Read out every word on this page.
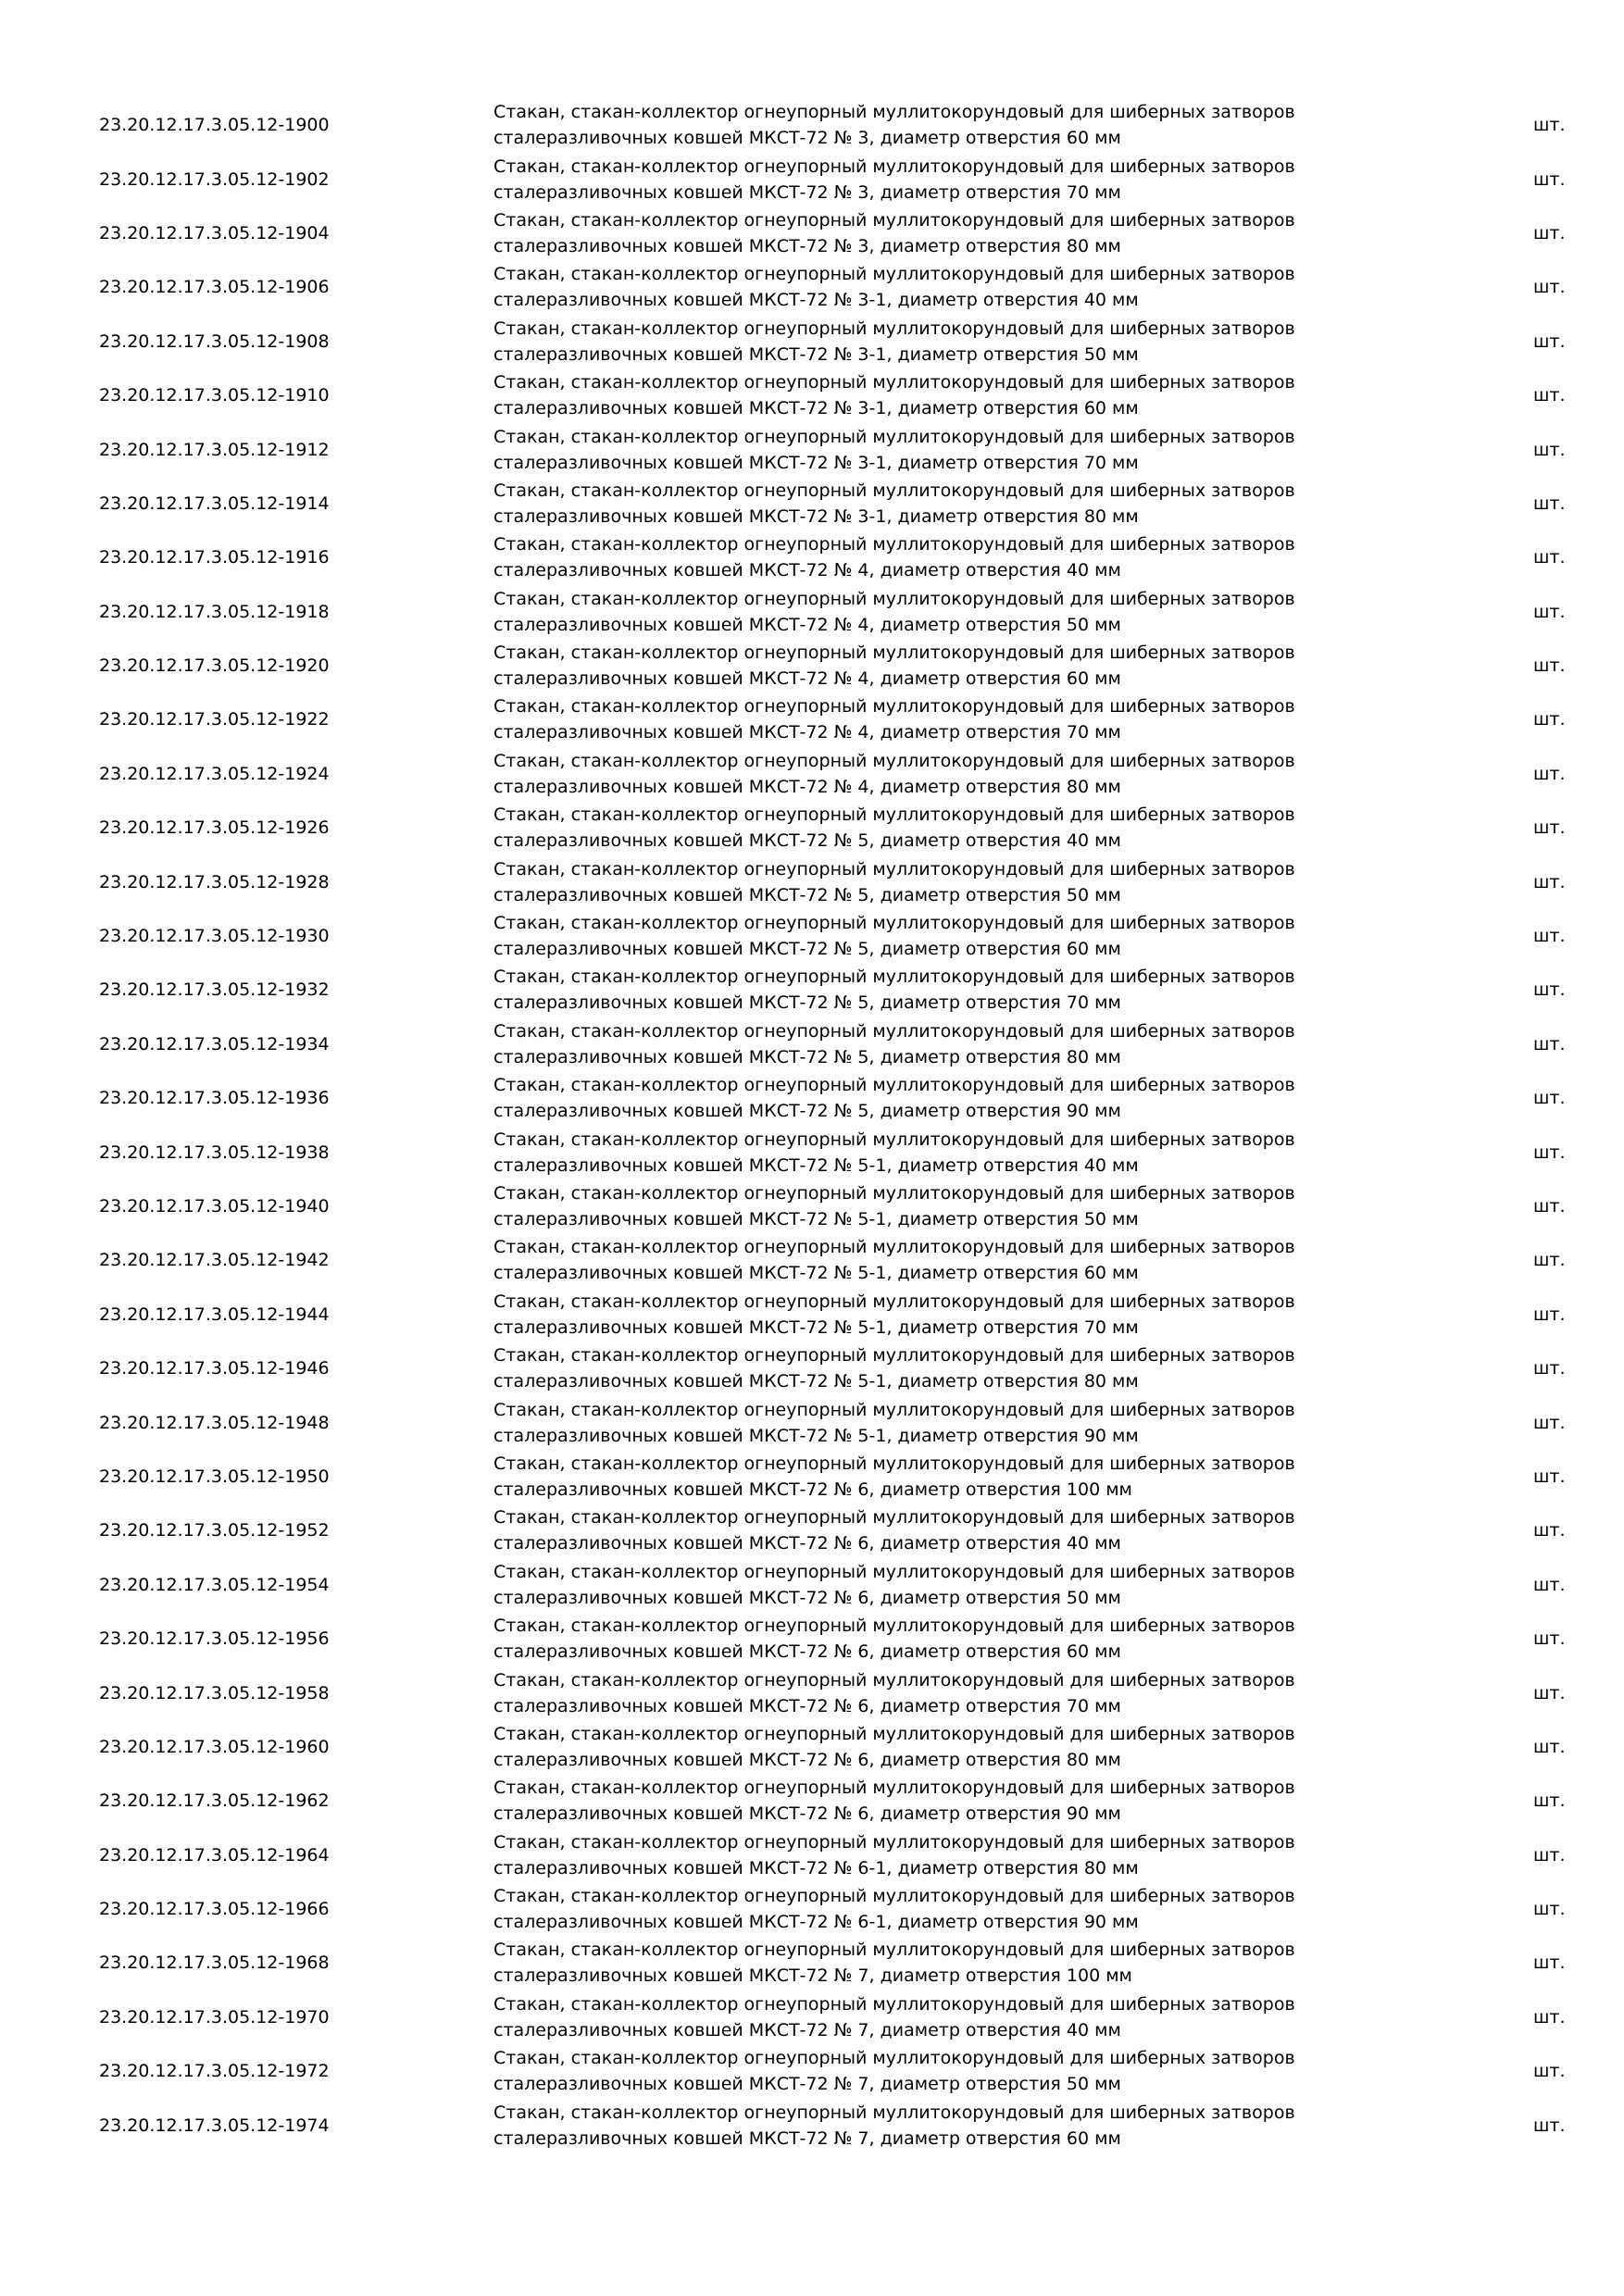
23.20.12.17.3.05.12-1900
Стакан, стакан-коллектор огнеупорный муллитокорундовый для шиберных затворов
сталеразливочных ковшей МКСТ-72 № 3, диаметр отверстия 60 мм
шт.
23.20.12.17.3.05.12-1902
Стакан, стакан-коллектор огнеупорный муллитокорундовый для шиберных затворов
сталеразливочных ковшей МКСТ-72 № 3, диаметр отверстия 70 мм
шт.
23.20.12.17.3.05.12-1904
Стакан, стакан-коллектор огнеупорный муллитокорундовый для шиберных затворов
сталеразливочных ковшей МКСТ-72 № 3, диаметр отверстия 80 мм
шт.
23.20.12.17.3.05.12-1906
Стакан, стакан-коллектор огнеупорный муллитокорундовый для шиберных затворов
сталеразливочных ковшей МКСТ-72 № 3-1, диаметр отверстия 40 мм
шт.
23.20.12.17.3.05.12-1908
Стакан, стакан-коллектор огнеупорный муллитокорундовый для шиберных затворов
сталеразливочных ковшей МКСТ-72 № 3-1, диаметр отверстия 50 мм
шт.
23.20.12.17.3.05.12-1910
Стакан, стакан-коллектор огнеупорный муллитокорундовый для шиберных затворов
сталеразливочных ковшей МКСТ-72 № 3-1, диаметр отверстия 60 мм
шт.
23.20.12.17.3.05.12-1912
Стакан, стакан-коллектор огнеупорный муллитокорундовый для шиберных затворов
сталеразливочных ковшей МКСТ-72 № 3-1, диаметр отверстия 70 мм
шт.
23.20.12.17.3.05.12-1914
Стакан, стакан-коллектор огнеупорный муллитокорундовый для шиберных затворов
сталеразливочных ковшей МКСТ-72 № 3-1, диаметр отверстия 80 мм
шт.
23.20.12.17.3.05.12-1916
Стакан, стакан-коллектор огнеупорный муллитокорундовый для шиберных затворов
сталеразливочных ковшей МКСТ-72 № 4, диаметр отверстия 40 мм
шт.
23.20.12.17.3.05.12-1918
Стакан, стакан-коллектор огнеупорный муллитокорундовый для шиберных затворов
сталеразливочных ковшей МКСТ-72 № 4, диаметр отверстия 50 мм
шт.
23.20.12.17.3.05.12-1920
Стакан, стакан-коллектор огнеупорный муллитокорундовый для шиберных затворов
сталеразливочных ковшей МКСТ-72 № 4, диаметр отверстия 60 мм
шт.
23.20.12.17.3.05.12-1922
Стакан, стакан-коллектор огнеупорный муллитокорундовый для шиберных затворов
сталеразливочных ковшей МКСТ-72 № 4, диаметр отверстия 70 мм
шт.
23.20.12.17.3.05.12-1924
Стакан, стакан-коллектор огнеупорный муллитокорундовый для шиберных затворов
сталеразливочных ковшей МКСТ-72 № 4, диаметр отверстия 80 мм
шт.
23.20.12.17.3.05.12-1926
Стакан, стакан-коллектор огнеупорный муллитокорундовый для шиберных затворов
сталеразливочных ковшей МКСТ-72 № 5, диаметр отверстия 40 мм
шт.
23.20.12.17.3.05.12-1928
Стакан, стакан-коллектор огнеупорный муллитокорундовый для шиберных затворов
сталеразливочных ковшей МКСТ-72 № 5, диаметр отверстия 50 мм
шт.
23.20.12.17.3.05.12-1930
Стакан, стакан-коллектор огнеупорный муллитокорундовый для шиберных затворов
сталеразливочных ковшей МКСТ-72 № 5, диаметр отверстия 60 мм
шт.
23.20.12.17.3.05.12-1932
Стакан, стакан-коллектор огнеупорный муллитокорундовый для шиберных затворов
сталеразливочных ковшей МКСТ-72 № 5, диаметр отверстия 70 мм
шт.
23.20.12.17.3.05.12-1934
Стакан, стакан-коллектор огнеупорный муллитокорундовый для шиберных затворов
сталеразливочных ковшей МКСТ-72 № 5, диаметр отверстия 80 мм
шт.
23.20.12.17.3.05.12-1936
Стакан, стакан-коллектор огнеупорный муллитокорундовый для шиберных затворов
сталеразливочных ковшей МКСТ-72 № 5, диаметр отверстия 90 мм
шт.
23.20.12.17.3.05.12-1938
Стакан, стакан-коллектор огнеупорный муллитокорундовый для шиберных затворов
сталеразливочных ковшей МКСТ-72 № 5-1, диаметр отверстия 40 мм
шт.
23.20.12.17.3.05.12-1940
Стакан, стакан-коллектор огнеупорный муллитокорундовый для шиберных затворов
сталеразливочных ковшей МКСТ-72 № 5-1, диаметр отверстия 50 мм
шт.
23.20.12.17.3.05.12-1942
Стакан, стакан-коллектор огнеупорный муллитокорундовый для шиберных затворов
сталеразливочных ковшей МКСТ-72 № 5-1, диаметр отверстия 60 мм
шт.
23.20.12.17.3.05.12-1944
Стакан, стакан-коллектор огнеупорный муллитокорундовый для шиберных затворов
сталеразливочных ковшей МКСТ-72 № 5-1, диаметр отверстия 70 мм
шт.
23.20.12.17.3.05.12-1946
Стакан, стакан-коллектор огнеупорный муллитокорундовый для шиберных затворов
сталеразливочных ковшей МКСТ-72 № 5-1, диаметр отверстия 80 мм
шт.
23.20.12.17.3.05.12-1948
Стакан, стакан-коллектор огнеупорный муллитокорундовый для шиберных затворов
сталеразливочных ковшей МКСТ-72 № 5-1, диаметр отверстия 90 мм
шт.
23.20.12.17.3.05.12-1950
Стакан, стакан-коллектор огнеупорный муллитокорундовый для шиберных затворов
сталеразливочных ковшей МКСТ-72 № 6, диаметр отверстия 100 мм
шт.
23.20.12.17.3.05.12-1952
Стакан, стакан-коллектор огнеупорный муллитокорундовый для шиберных затворов
сталеразливочных ковшей МКСТ-72 № 6, диаметр отверстия 40 мм
шт.
23.20.12.17.3.05.12-1954
Стакан, стакан-коллектор огнеупорный муллитокорундовый для шиберных затворов
сталеразливочных ковшей МКСТ-72 № 6, диаметр отверстия 50 мм
шт.
23.20.12.17.3.05.12-1956
Стакан, стакан-коллектор огнеупорный муллитокорундовый для шиберных затворов
сталеразливочных ковшей МКСТ-72 № 6, диаметр отверстия 60 мм
шт.
23.20.12.17.3.05.12-1958
Стакан, стакан-коллектор огнеупорный муллитокорундовый для шиберных затворов
сталеразливочных ковшей МКСТ-72 № 6, диаметр отверстия 70 мм
шт.
23.20.12.17.3.05.12-1960
Стакан, стакан-коллектор огнеупорный муллитокорундовый для шиберных затворов
сталеразливочных ковшей МКСТ-72 № 6, диаметр отверстия 80 мм
шт.
23.20.12.17.3.05.12-1962
Стакан, стакан-коллектор огнеупорный муллитокорундовый для шиберных затворов
сталеразливочных ковшей МКСТ-72 № 6, диаметр отверстия 90 мм
шт.
23.20.12.17.3.05.12-1964
Стакан, стакан-коллектор огнеупорный муллитокорундовый для шиберных затворов
сталеразливочных ковшей МКСТ-72 № 6-1, диаметр отверстия 80 мм
шт.
23.20.12.17.3.05.12-1966
Стакан, стакан-коллектор огнеупорный муллитокорундовый для шиберных затворов
сталеразливочных ковшей МКСТ-72 № 6-1, диаметр отверстия 90 мм
шт.
23.20.12.17.3.05.12-1968
Стакан, стакан-коллектор огнеупорный муллитокорундовый для шиберных затворов
сталеразливочных ковшей МКСТ-72 № 7, диаметр отверстия 100 мм
шт.
23.20.12.17.3.05.12-1970
Стакан, стакан-коллектор огнеупорный муллитокорундовый для шиберных затворов
сталеразливочных ковшей МКСТ-72 № 7, диаметр отверстия 40 мм
шт.
23.20.12.17.3.05.12-1972
Стакан, стакан-коллектор огнеупорный муллитокорундовый для шиберных затворов
сталеразливочных ковшей МКСТ-72 № 7, диаметр отверстия 50 мм
шт.
23.20.12.17.3.05.12-1974
Стакан, стакан-коллектор огнеупорный муллитокорундовый для шиберных затворов
сталеразливочных ковшей МКСТ-72 № 7, диаметр отверстия 60 мм
шт.
